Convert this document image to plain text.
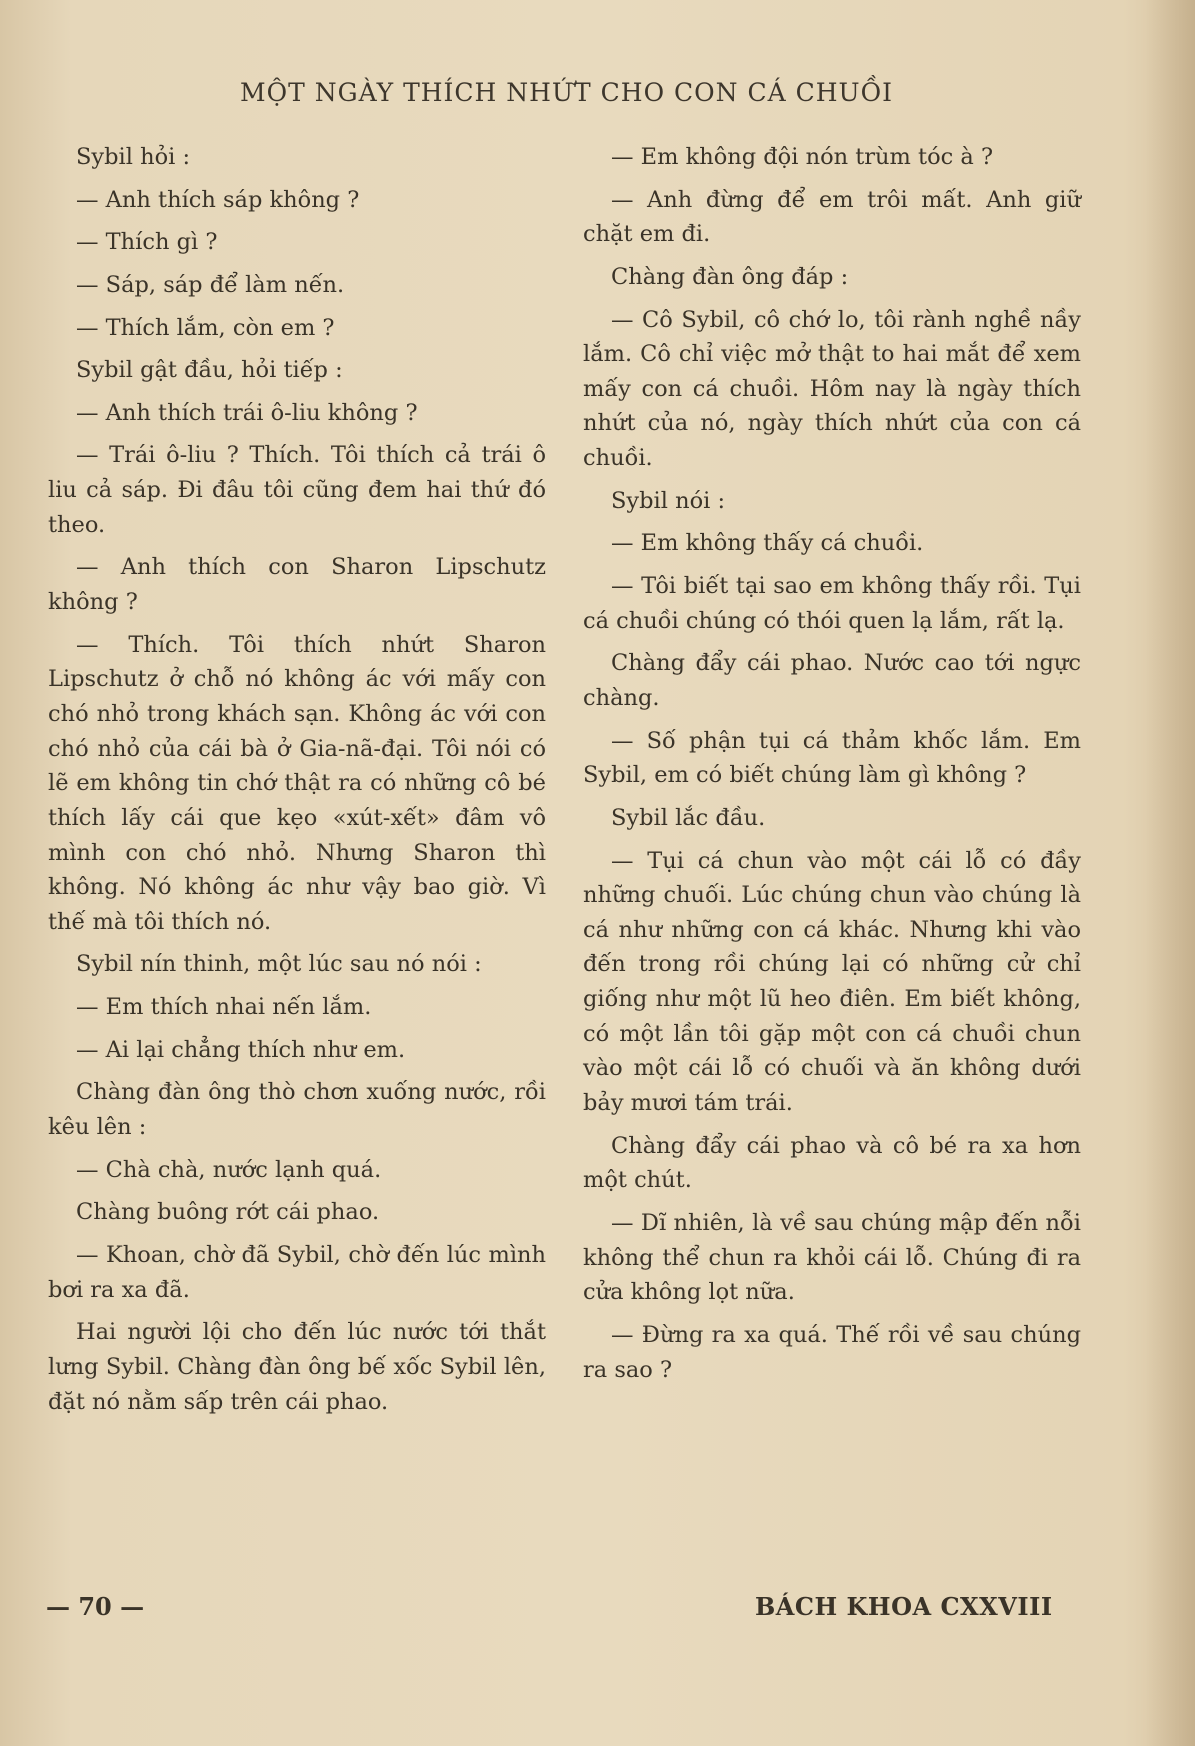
MỘT NGÀY THÍCH NHỨT CHO CON CÁ CHUỒI

Sybil hỏi :

— Anh thích sáp không ?

— Thích gì ?

— Sáp, sáp để làm nến.

— Thích lắm, còn em ?

Sybil gật đầu, hỏi tiếp :

— Anh thích trái ô-liu không ?

— Trái ô-liu ? Thích. Tôi thích cả trái ô liu cả sáp. Đi đâu tôi cũng đem hai thứ đó theo.

— Anh thích con Sharon Lipschutz không ?

— Thích. Tôi thích nhứt Sharon Lipschutz ở chỗ nó không ác với mấy con chó nhỏ trong khách sạn. Không ác với con chó nhỏ của cái bà ở Gia-nã-đại. Tôi nói có lẽ em không tin chớ thật ra có những cô bé thích lấy cái que kẹo «xút-xết» đâm vô mình con chó nhỏ. Nhưng Sharon thì không. Nó không ác như vậy bao giờ. Vì thế mà tôi thích nó.

Sybil nín thinh, một lúc sau nó nói :

— Em thích nhai nến lắm.

— Ai lại chẳng thích như em.

Chàng đàn ông thò chơn xuống nước, rồi kêu lên :

— Chà chà, nước lạnh quá.

Chàng buông rớt cái phao.

— Khoan, chờ đã Sybil, chờ đến lúc mình bơi ra xa đã.

Hai người lội cho đến lúc nước tới thắt lưng Sybil. Chàng đàn ông bế xốc Sybil lên, đặt nó nằm sấp trên cái phao.

— Em không đội nón trùm tóc à ?

— Anh đừng để em trôi mất. Anh giữ chặt em đi.

Chàng đàn ông đáp :

— Cô Sybil, cô chớ lo, tôi rành nghề nầy lắm. Cô chỉ việc mở thật to hai mắt để xem mấy con cá chuồi. Hôm nay là ngày thích nhứt của nó, ngày thích nhứt của con cá chuồi.

Sybil nói :

— Em không thấy cá chuồi.

— Tôi biết tại sao em không thấy rồi. Tụi cá chuồi chúng có thói quen lạ lắm, rất lạ.

Chàng đẩy cái phao. Nước cao tới ngực chàng.

— Số phận tụi cá thảm khốc lắm. Em Sybil, em có biết chúng làm gì không ?

Sybil lắc đầu.

— Tụi cá chun vào một cái lỗ có đầy những chuối. Lúc chúng chun vào chúng là cá như những con cá khác. Nhưng khi vào đến trong rồi chúng lại có những cử chỉ giống như một lũ heo điên. Em biết không, có một lần tôi gặp một con cá chuồi chun vào một cái lỗ có chuối và ăn không dưới bảy mươi tám trái.

Chàng đẩy cái phao và cô bé ra xa hơn một chút.

— Dĩ nhiên, là về sau chúng mập đến nỗi không thể chun ra khỏi cái lỗ. Chúng đi ra cửa không lọt nữa.

— Đừng ra xa quá. Thế rồi về sau chúng ra sao ?

— 70 —	BÁCH KHOA CXXVIII
